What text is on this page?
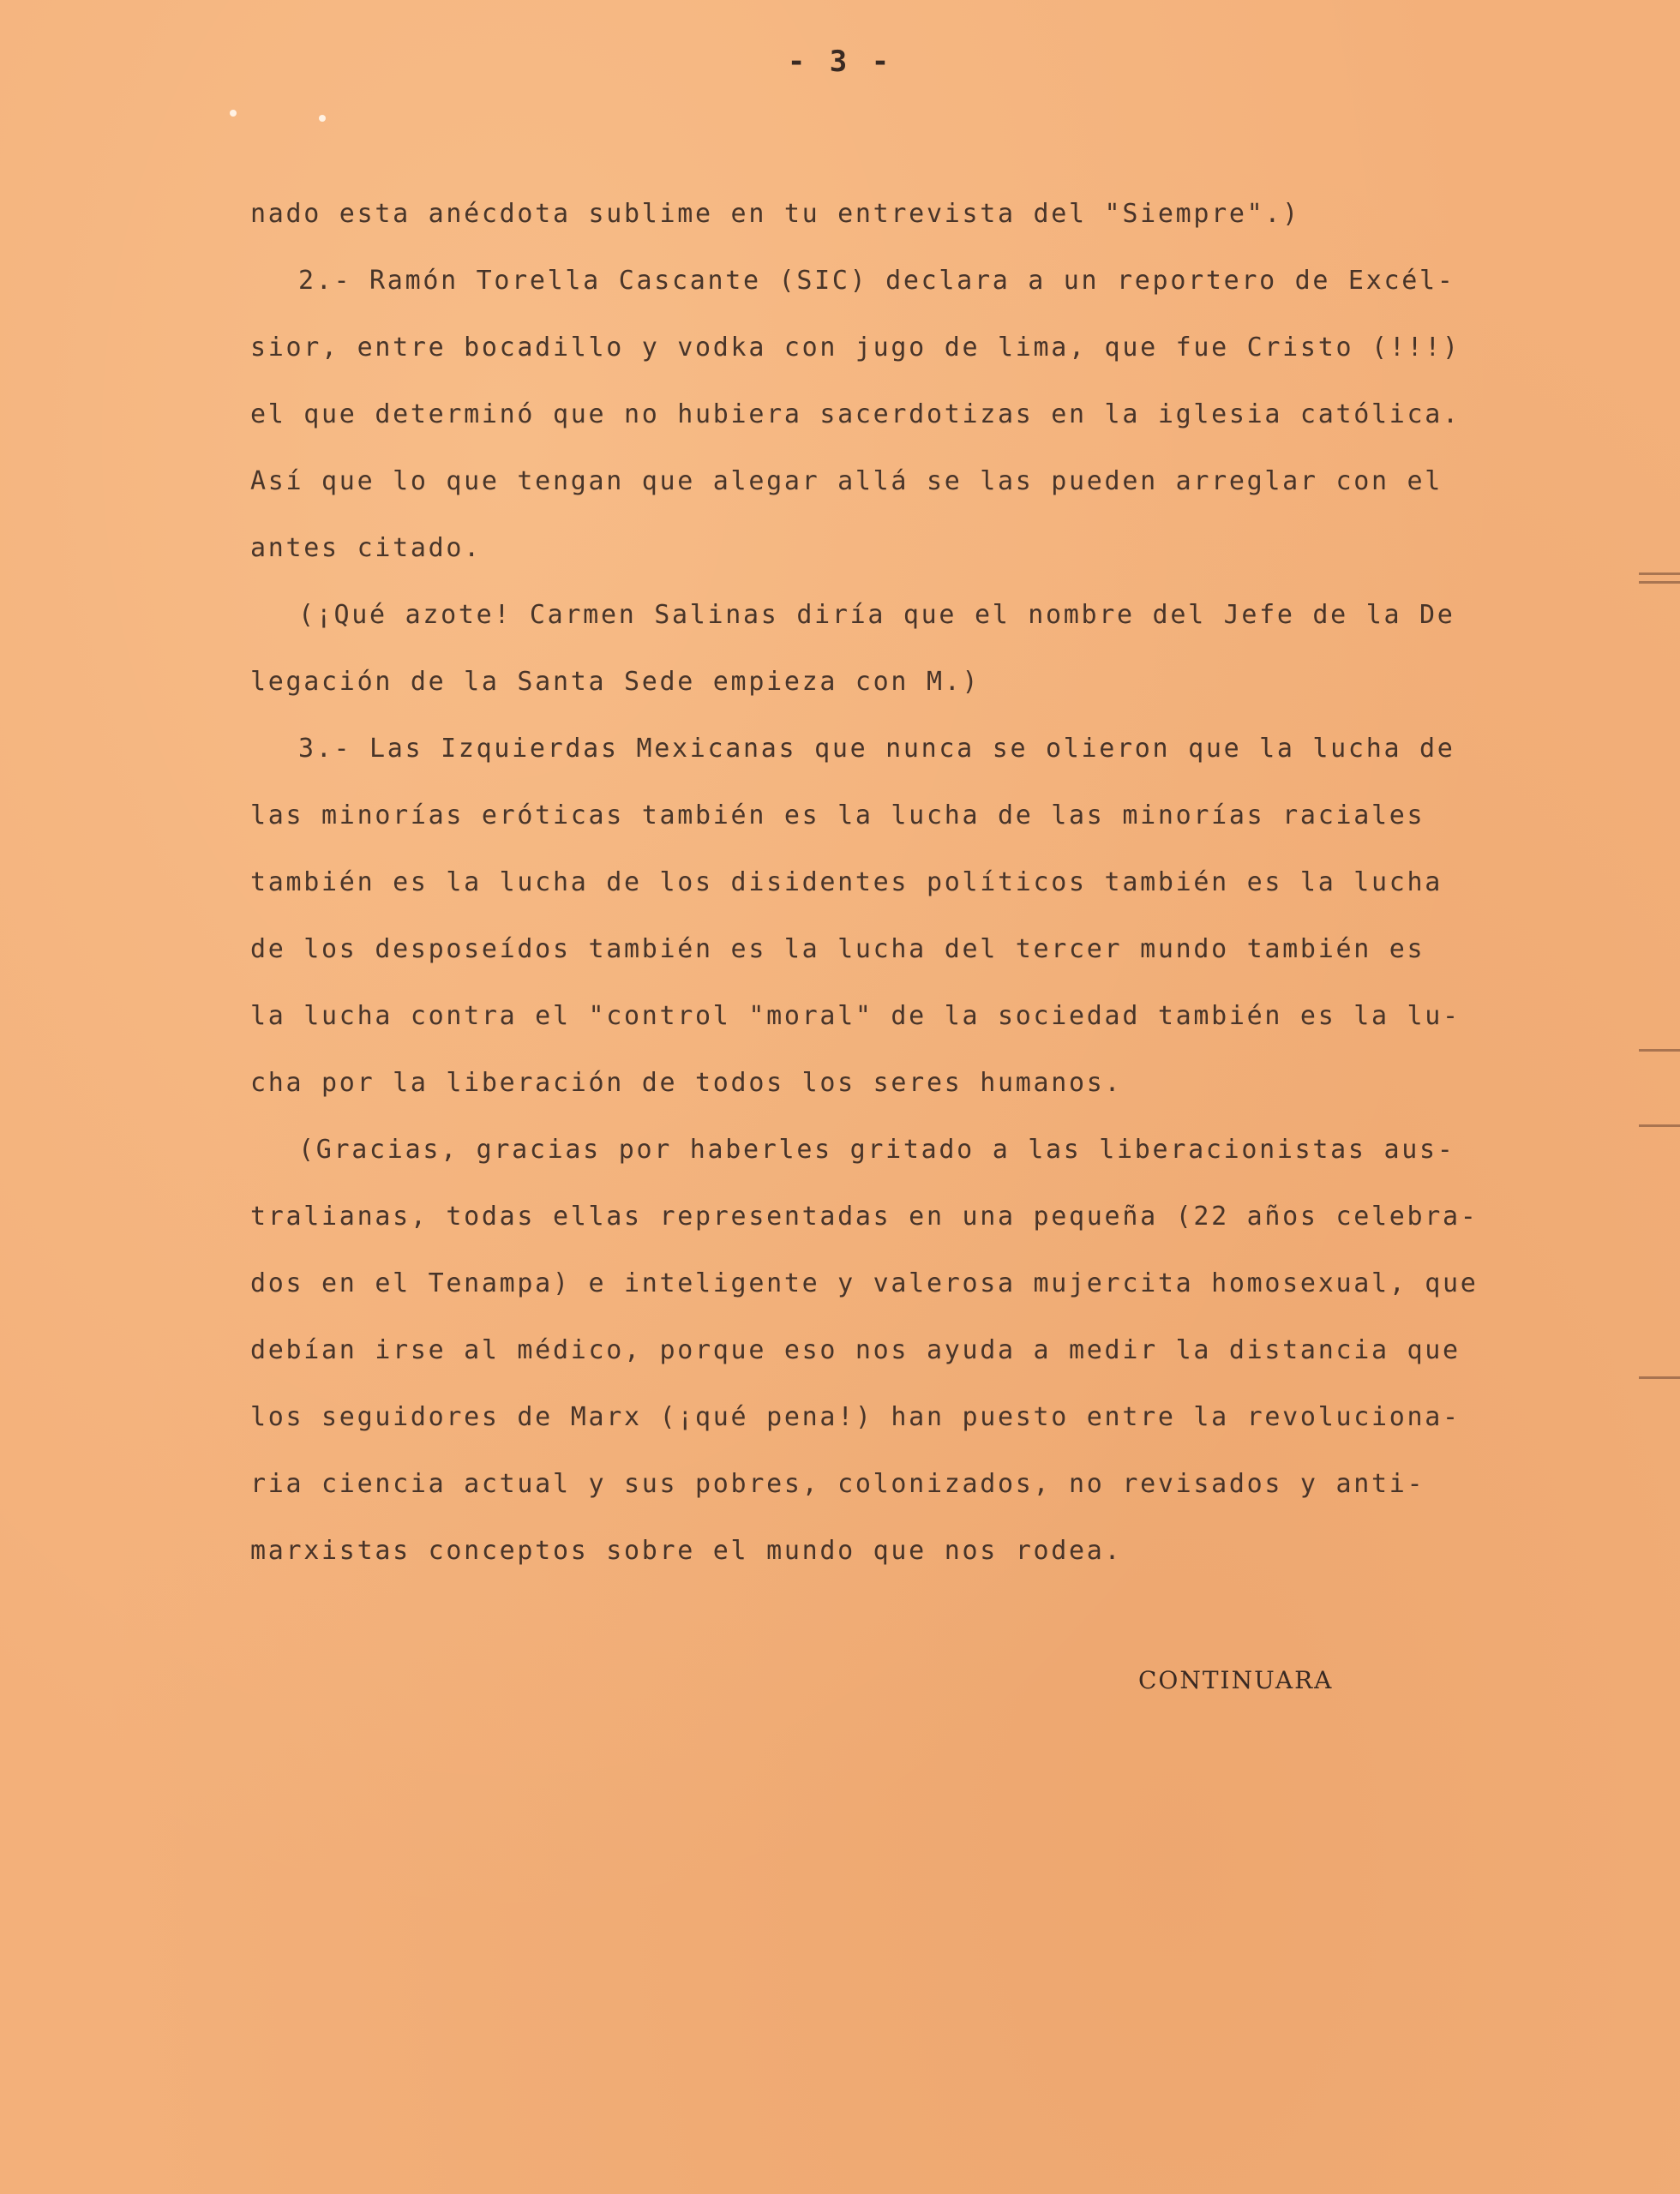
- 3 -
nado esta anécdota sublime en tu entrevista del "Siempre".)
2.- Ramón Torella Cascante (SIC) declara a un reportero de Excél-
sior, entre bocadillo y vodka con jugo de lima, que fue Cristo (!!!)
el que determinó que no hubiera sacerdotizas en la iglesia católica.
Así que lo que tengan que alegar allá se las pueden arreglar con el
antes citado.
(¡Qué azote! Carmen Salinas diría que el nombre del Jefe de la De
legación de la Santa Sede empieza con M.)
3.- Las Izquierdas Mexicanas que nunca se olieron que la lucha de
las minorías eróticas también es la lucha de las minorías raciales
también es la lucha de los disidentes políticos también es la lucha
de los desposeídos también es la lucha del tercer mundo también es
la lucha contra el "control "moral" de la sociedad también es la lu-
cha por la liberación de todos los seres humanos.
(Gracias, gracias por haberles gritado a las liberacionistas aus-
tralianas, todas ellas representadas en una pequeña (22 años celebra-
dos en el Tenampa) e inteligente y valerosa mujercita homosexual, que
debían irse al médico, porque eso nos ayuda a medir la distancia que
los seguidores de Marx (¡qué pena!) han puesto entre la revoluciona-
ria ciencia actual y sus pobres, colonizados, no revisados y anti-
marxistas conceptos sobre el mundo que nos rodea.
CONTINUARA
